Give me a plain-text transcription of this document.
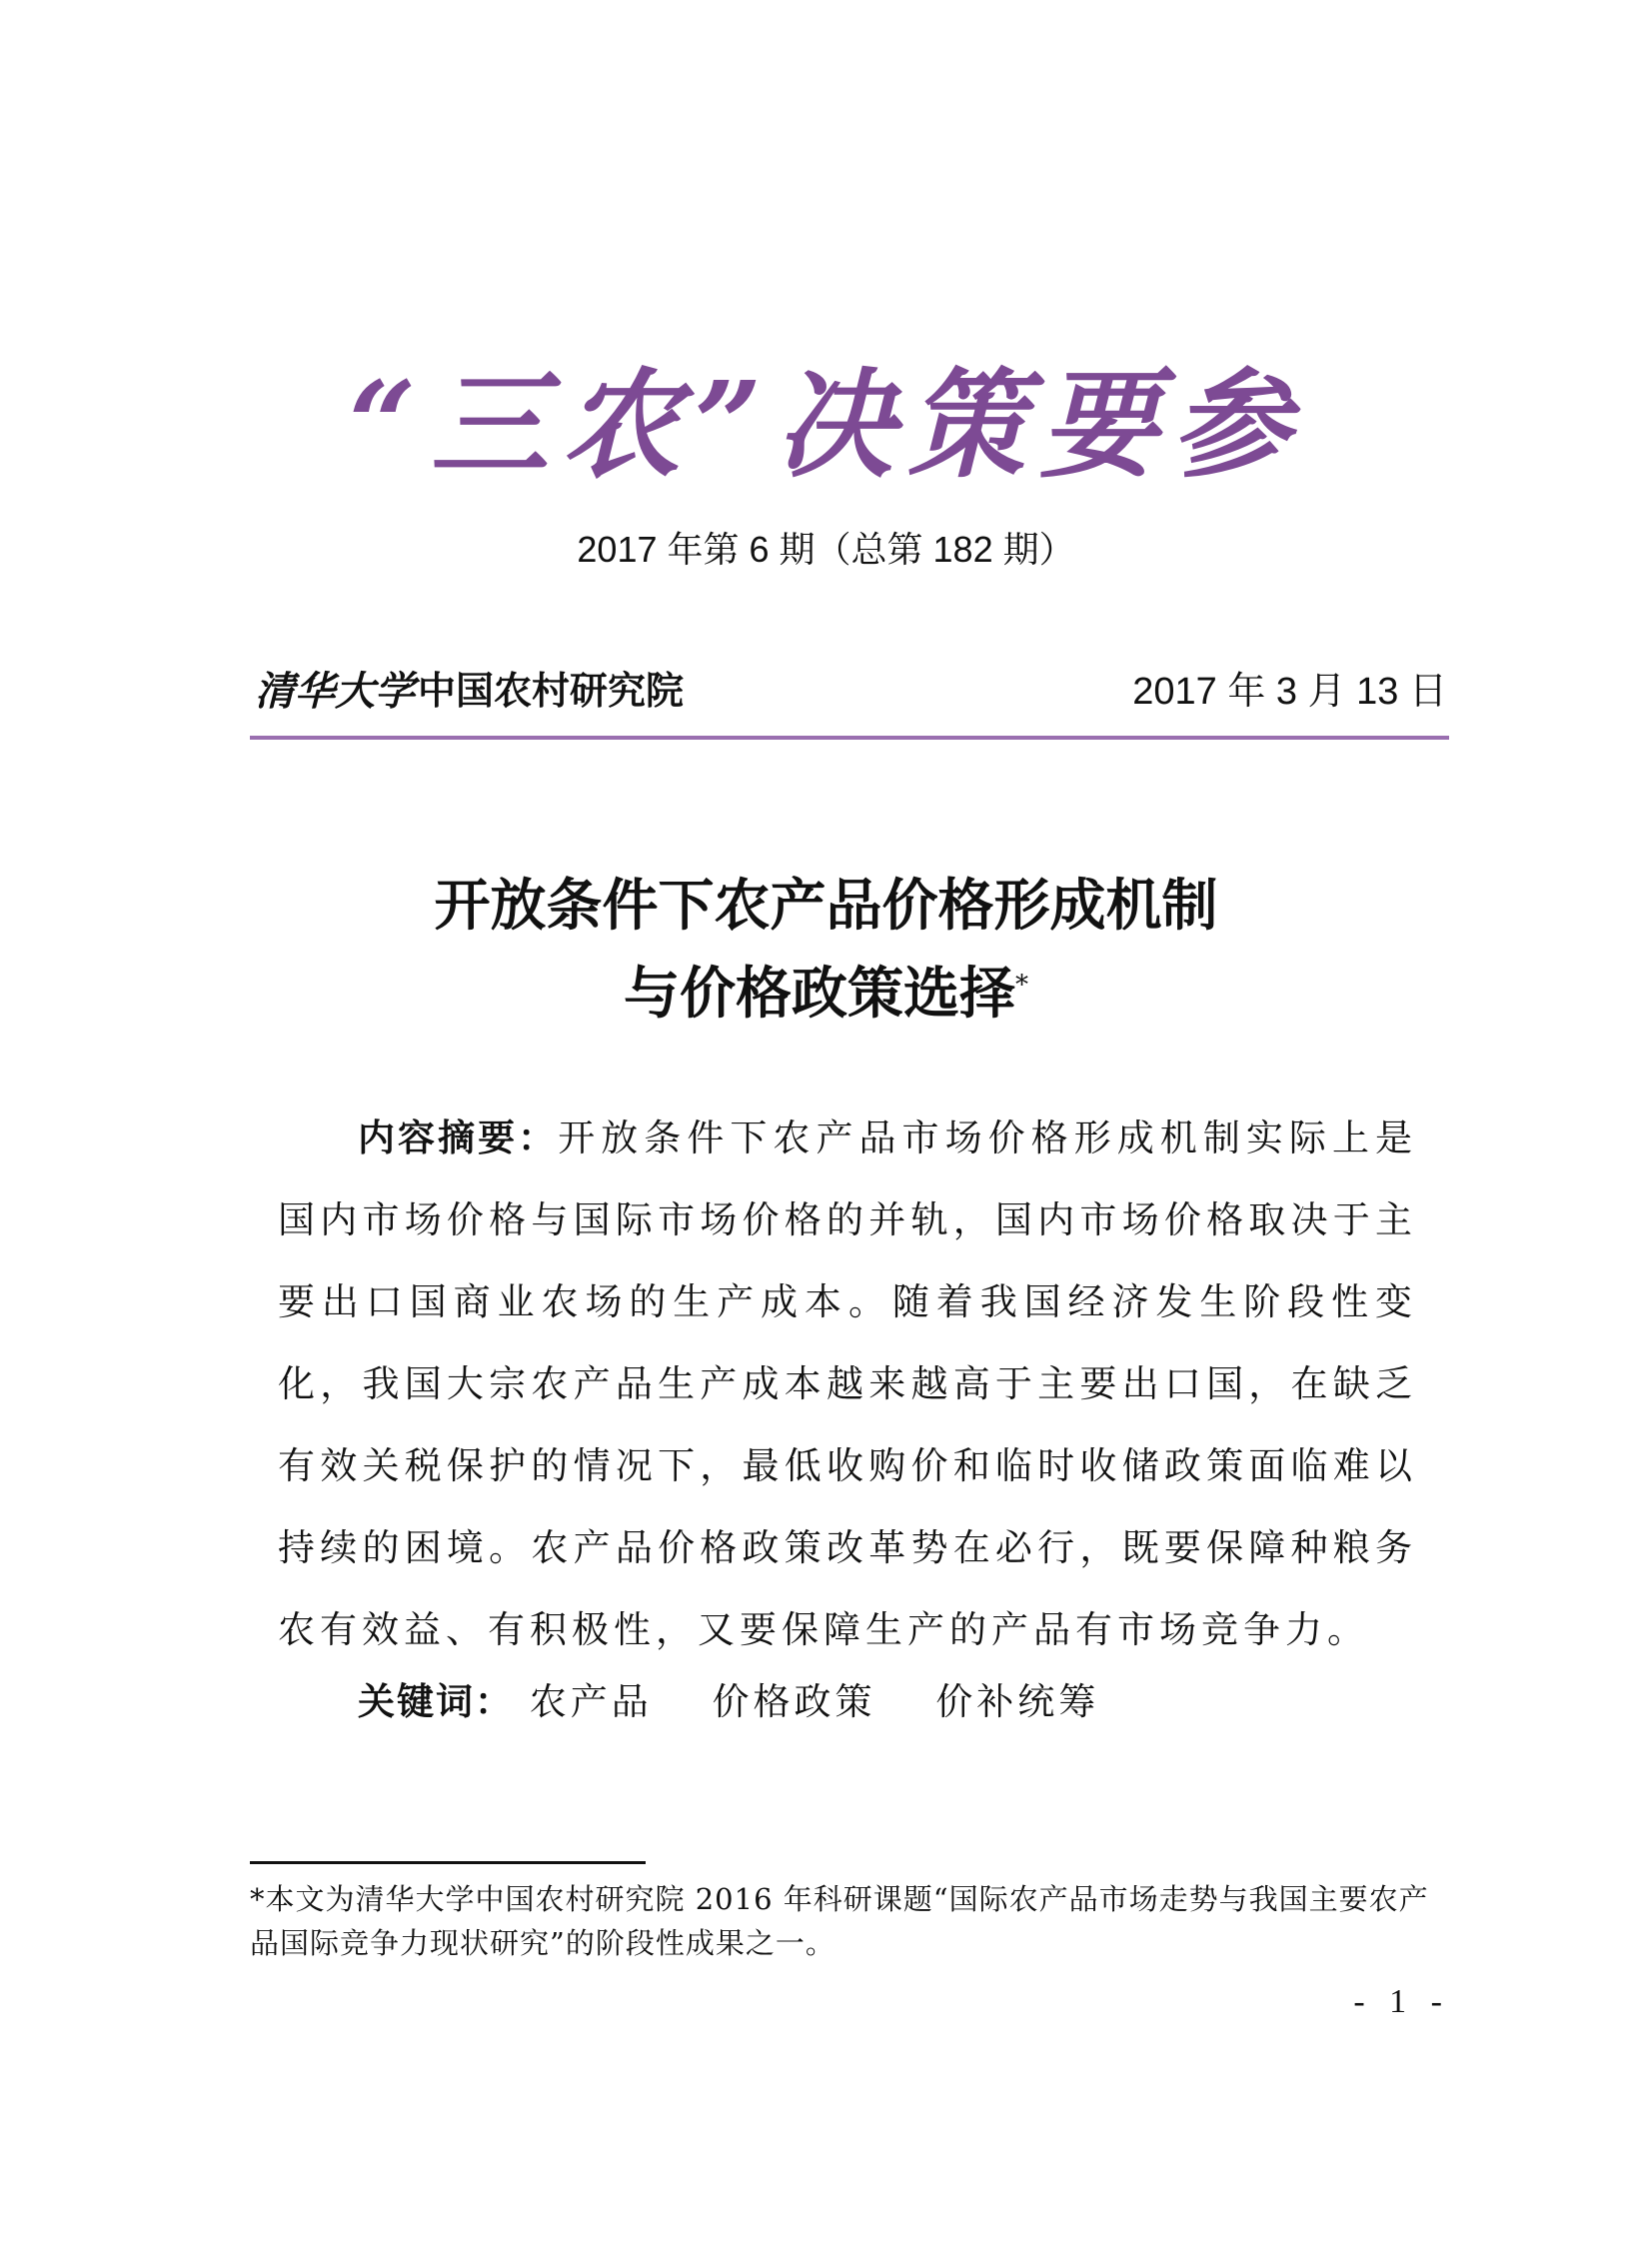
“三农”决策要参
2017 年第 6 期（总第 182 期）
清华大学 中国农村研究院	2017 年 3 月 13 日
开放条件下农产品价格形成机制
与价格政策选择*
内容摘要：开放条件下农产品市场价格形成机制实际上是国内市场价格与国际市场价格的并轨，国内市场价格取决于主要出口国商业农场的生产成本。随着我国经济发生阶段性变化，我国大宗农产品生产成本越来越高于主要出口国，在缺乏有效关税保护的情况下，最低收购价和临时收储政策面临难以持续的困境。农产品价格政策改革势在必行，既要保障种粮务农有效益、有积极性，又要保障生产的产品有市场竞争力。
关键词： 农产品 价格政策 价补统筹
*本文为清华大学中国农村研究院 2016 年科研课题“国际农产品市场走势与我国主要农产品国际竞争力现状研究”的阶段性成果之一。
- 1 -
